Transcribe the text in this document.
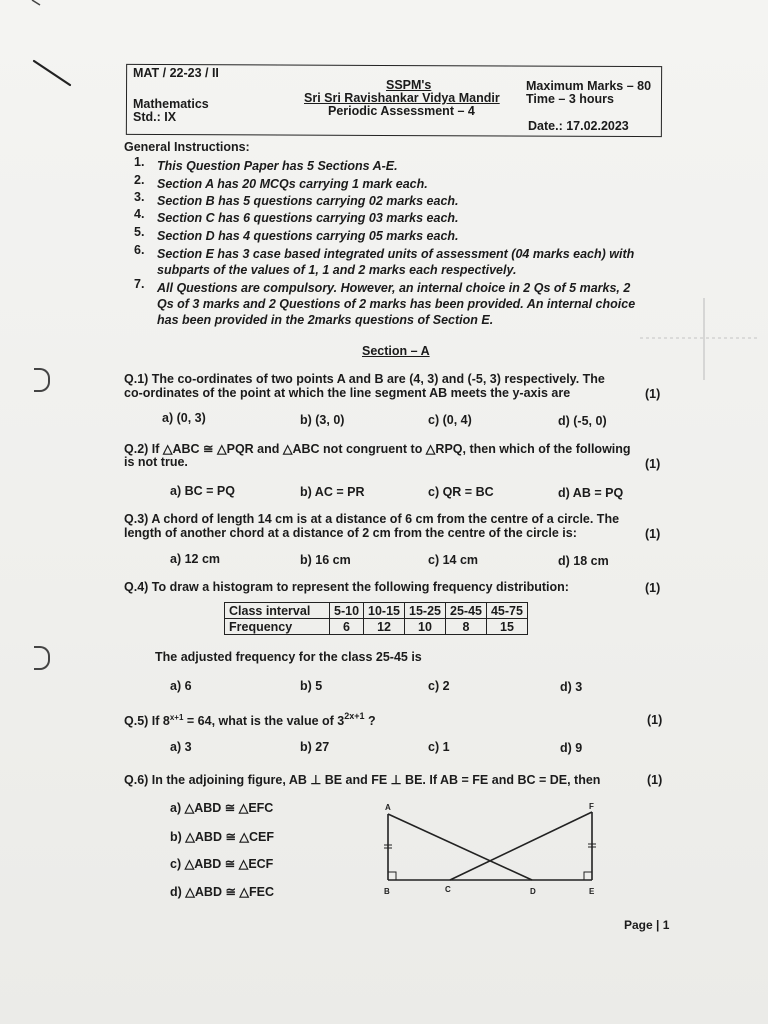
MAT / 22-23 / II
Mathematics
Std.: IX
SSPM's
Sri Sri Ravishankar Vidya Mandir
Periodic Assessment – 4
Maximum Marks – 80
Time – 3 hours
Date.: 17.02.2023
General Instructions:
1. This Question Paper has 5 Sections A-E.
2. Section A has 20 MCQs carrying 1 mark each.
3. Section B has 5 questions carrying 02 marks each.
4. Section C has 6 questions carrying 03 marks each.
5. Section D has 4 questions carrying 05 marks each.
6. Section E has 3 case based integrated units of assessment (04 marks each) with
subparts of the values of 1, 1 and 2 marks each respectively.
7. All Questions are compulsory. However, an internal choice in 2 Qs of 5 marks, 2
Qs of 3 marks and 2 Questions of 2 marks has been provided. An internal choice
has been provided in the 2marks questions of Section E.
Section – A
Q.1) The co-ordinates of two points A and B are (4, 3) and (-5, 3) respectively. The
co-ordinates of the point at which the line segment AB meets the y-axis are	(1)
a) (0, 3)	b) (3, 0)	c) (0, 4)	d) (-5, 0)
Q.2) If △ABC ≅ △PQR and △ABC not congruent to △RPQ, then which of the following
is not true.	(1)
a) BC = PQ	b) AC = PR	c) QR = BC	d) AB = PQ
Q.3) A chord of length 14 cm is at a distance of 6 cm from the centre of a circle. The
length of another chord at a distance of 2 cm from the centre of the circle is:	(1)
a) 12 cm	b) 16 cm	c) 14 cm	d) 18 cm
Q.4) To draw a histogram to represent the following frequency distribution:	(1)
Class interval	5-10	10-15	15-25	25-45	45-75
Frequency	6	12	10	8	15
The adjusted frequency for the class 25-45 is
a) 6	b) 5	c) 2	d) 3
Q.5) If $8^{x+1} = 64$, what is the value of $3^{2x+1}$ ?	(1)
a) 3	b) 27	c) 1	d) 9
Q.6) In the adjoining figure, AB ⊥ BE and FE ⊥ BE. If AB = FE and BC = DE, then	(1)
a) △ABD ≅ △EFC
b) △ABD ≅ △CEF
c) △ABD ≅ △ECF
d) △ABD ≅ △FEC
A
B	C	D	E
F
Page | 1
